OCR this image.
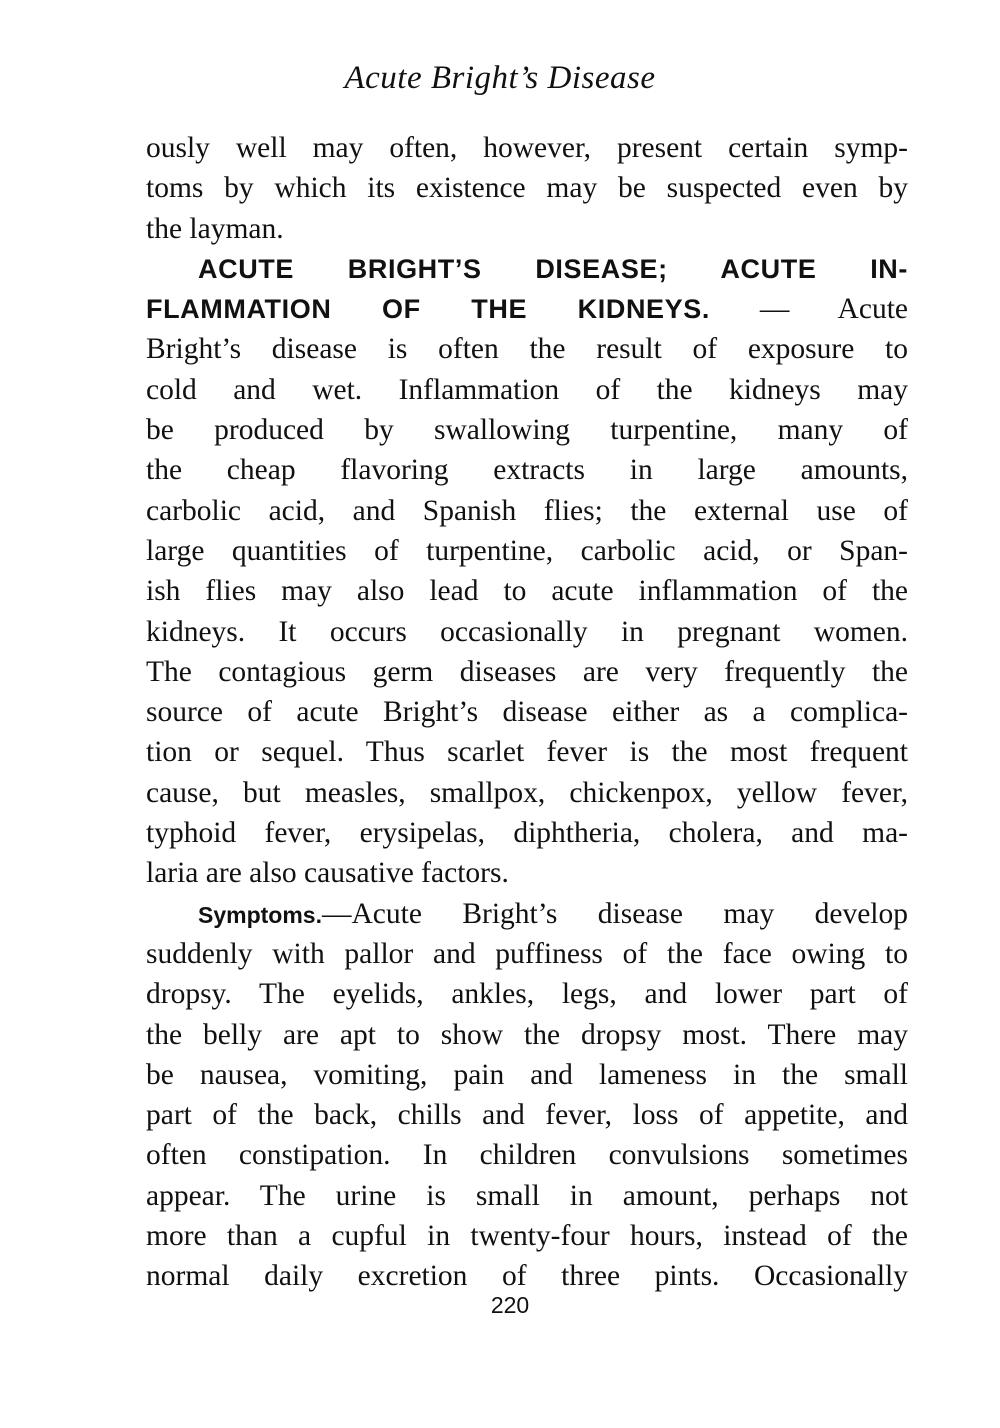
Acute Bright’s Disease
ously well may often, however, present certain symp-
toms by which its existence may be suspected even by
the layman.
ACUTE BRIGHT’S DISEASE; ACUTE IN-
FLAMMATION OF THE KIDNEYS. — Acute
Bright’s disease is often the result of exposure to
cold and wet. Inflammation of the kidneys may
be produced by swallowing turpentine, many of
the cheap flavoring extracts in large amounts,
carbolic acid, and Spanish flies; the external use of
large quantities of turpentine, carbolic acid, or Span-
ish flies may also lead to acute inflammation of the
kidneys. It occurs occasionally in pregnant women.
The contagious germ diseases are very frequently the
source of acute Bright’s disease either as a complica-
tion or sequel. Thus scarlet fever is the most frequent
cause, but measles, smallpox, chickenpox, yellow fever,
typhoid fever, erysipelas, diphtheria, cholera, and ma-
laria are also causative factors.
Symptoms.—Acute Bright’s disease may develop
suddenly with pallor and puffiness of the face owing to
dropsy. The eyelids, ankles, legs, and lower part of
the belly are apt to show the dropsy most. There may
be nausea, vomiting, pain and lameness in the small
part of the back, chills and fever, loss of appetite, and
often constipation. In children convulsions sometimes
appear. The urine is small in amount, perhaps not
more than a cupful in twenty-four hours, instead of the
normal daily excretion of three pints. Occasionally
220
